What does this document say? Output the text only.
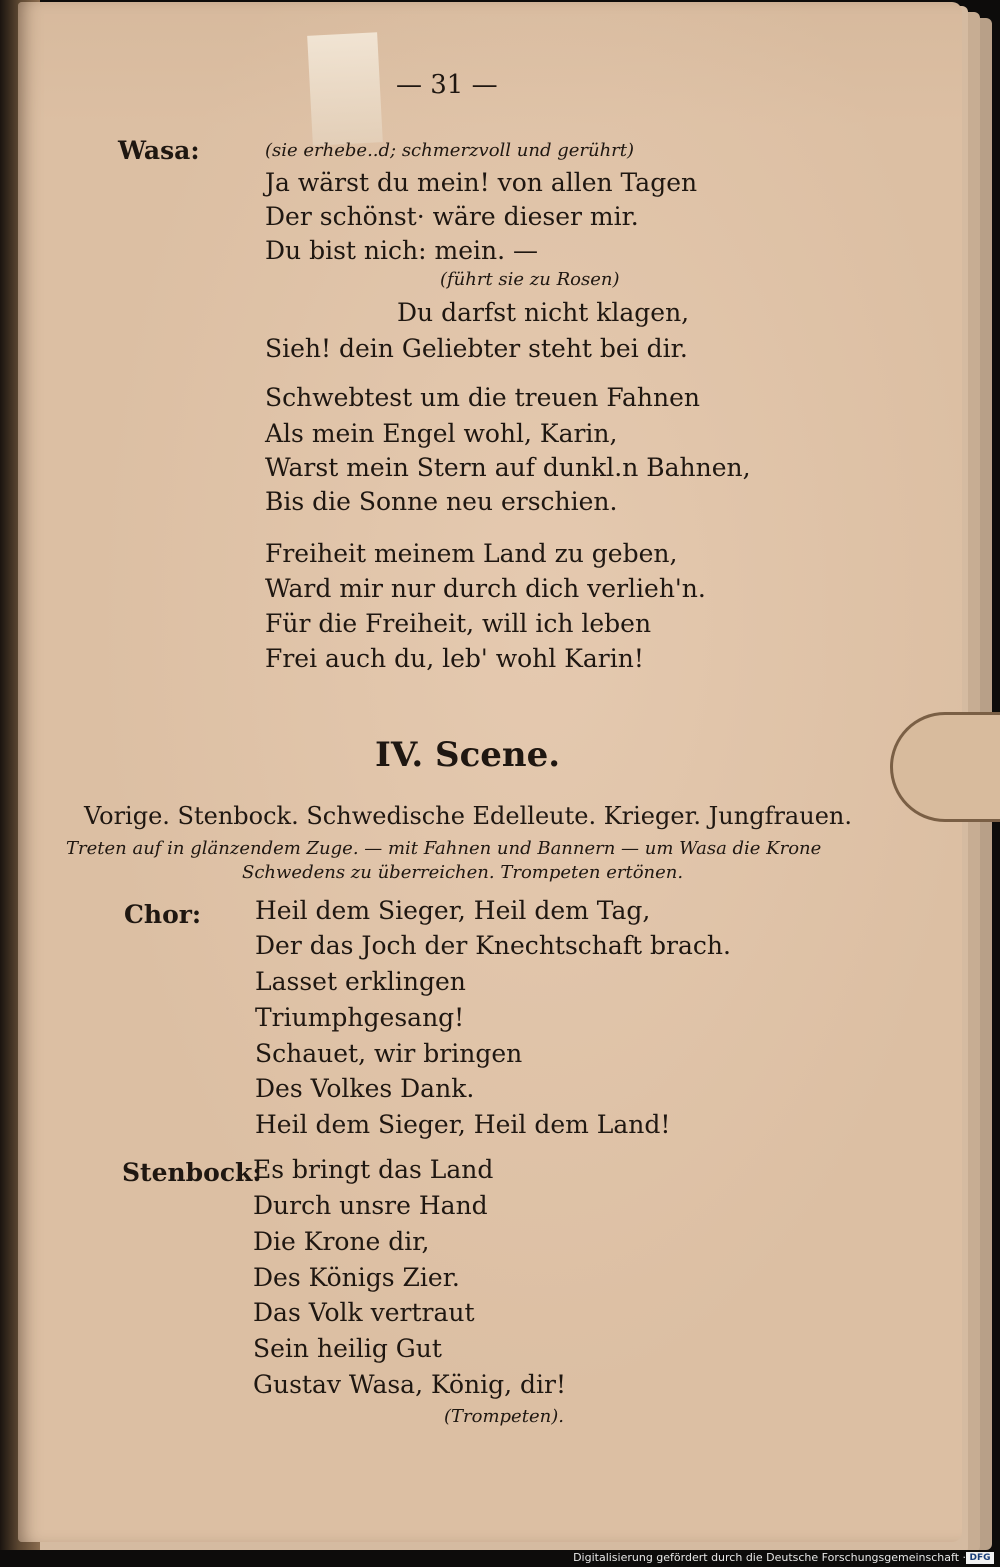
— 31 —

Wasa:	(sie erhebe..d; schmerzvoll und gerührt)

Ja wärst du mein! von allen Tagen

Der schönst· wäre dieser mir.

Du bist nich: mein. —

(führt sie zu Rosen)

Du darfst nicht klagen,

Sieh! dein Geliebter steht bei dir.

Schwebtest um die treuen Fahnen

Als mein Engel wohl, Karin,

Warst mein Stern auf dunkl.n Bahnen,

Bis die Sonne neu erschien.

Freiheit meinem Land zu geben,

Ward mir nur durch dich verlieh'n.

Für die Freiheit, will ich leben

Frei auch du, leb' wohl Karin!

IV. Scene.

Vorige. Stenbock. Schwedische Edelleute. Krieger. Jungfrauen.

Treten auf in glänzendem Zuge. — mit Fahnen und Bannern — um Wasa die Krone

Schwedens zu überreichen. Trompeten ertönen.

Chor: Heil dem Sieger, Heil dem Tag,

Der das Joch der Knechtschaft brach.

Lasset erklingen

Triumphgesang!

Schauet, wir bringen

Des Volkes Dank.

Heil dem Sieger, Heil dem Land!

Stenbock:

Es bringt das Land

Durch unsre Hand

Die Krone dir,

Des Königs Zier.

Das Volk vertraut

Sein heilig Gut

Gustav Wasa, König, dir!

(Trompeten).

Digitalisierung gefördert durch die Deutsche Forschungsgemeinschaft · DFG
